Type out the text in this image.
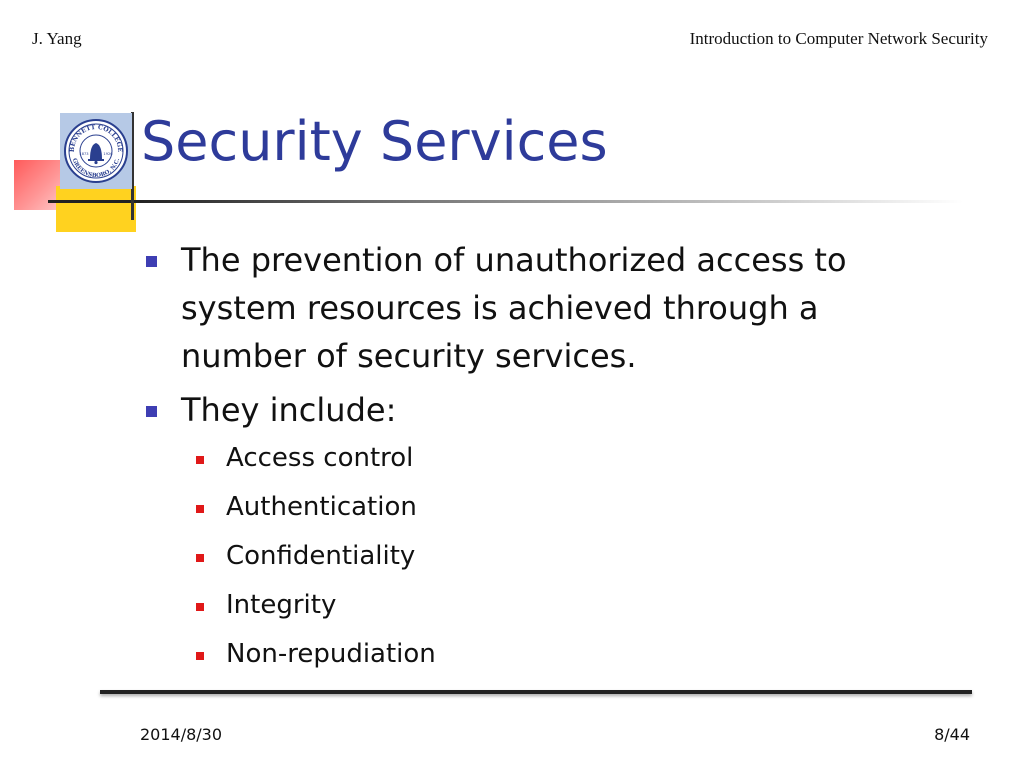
J. Yang	Introduction to Computer Network Security
BENNETT COLLEGE
GREENSBORO, N.C.
1873	1926 Security Services
The prevention of unauthorized access to system resources is achieved through a number of security services.
They include:
Access control
Authentication
Confidentiality
Integrity
Non-repudiation
2014/8/30	8/44
